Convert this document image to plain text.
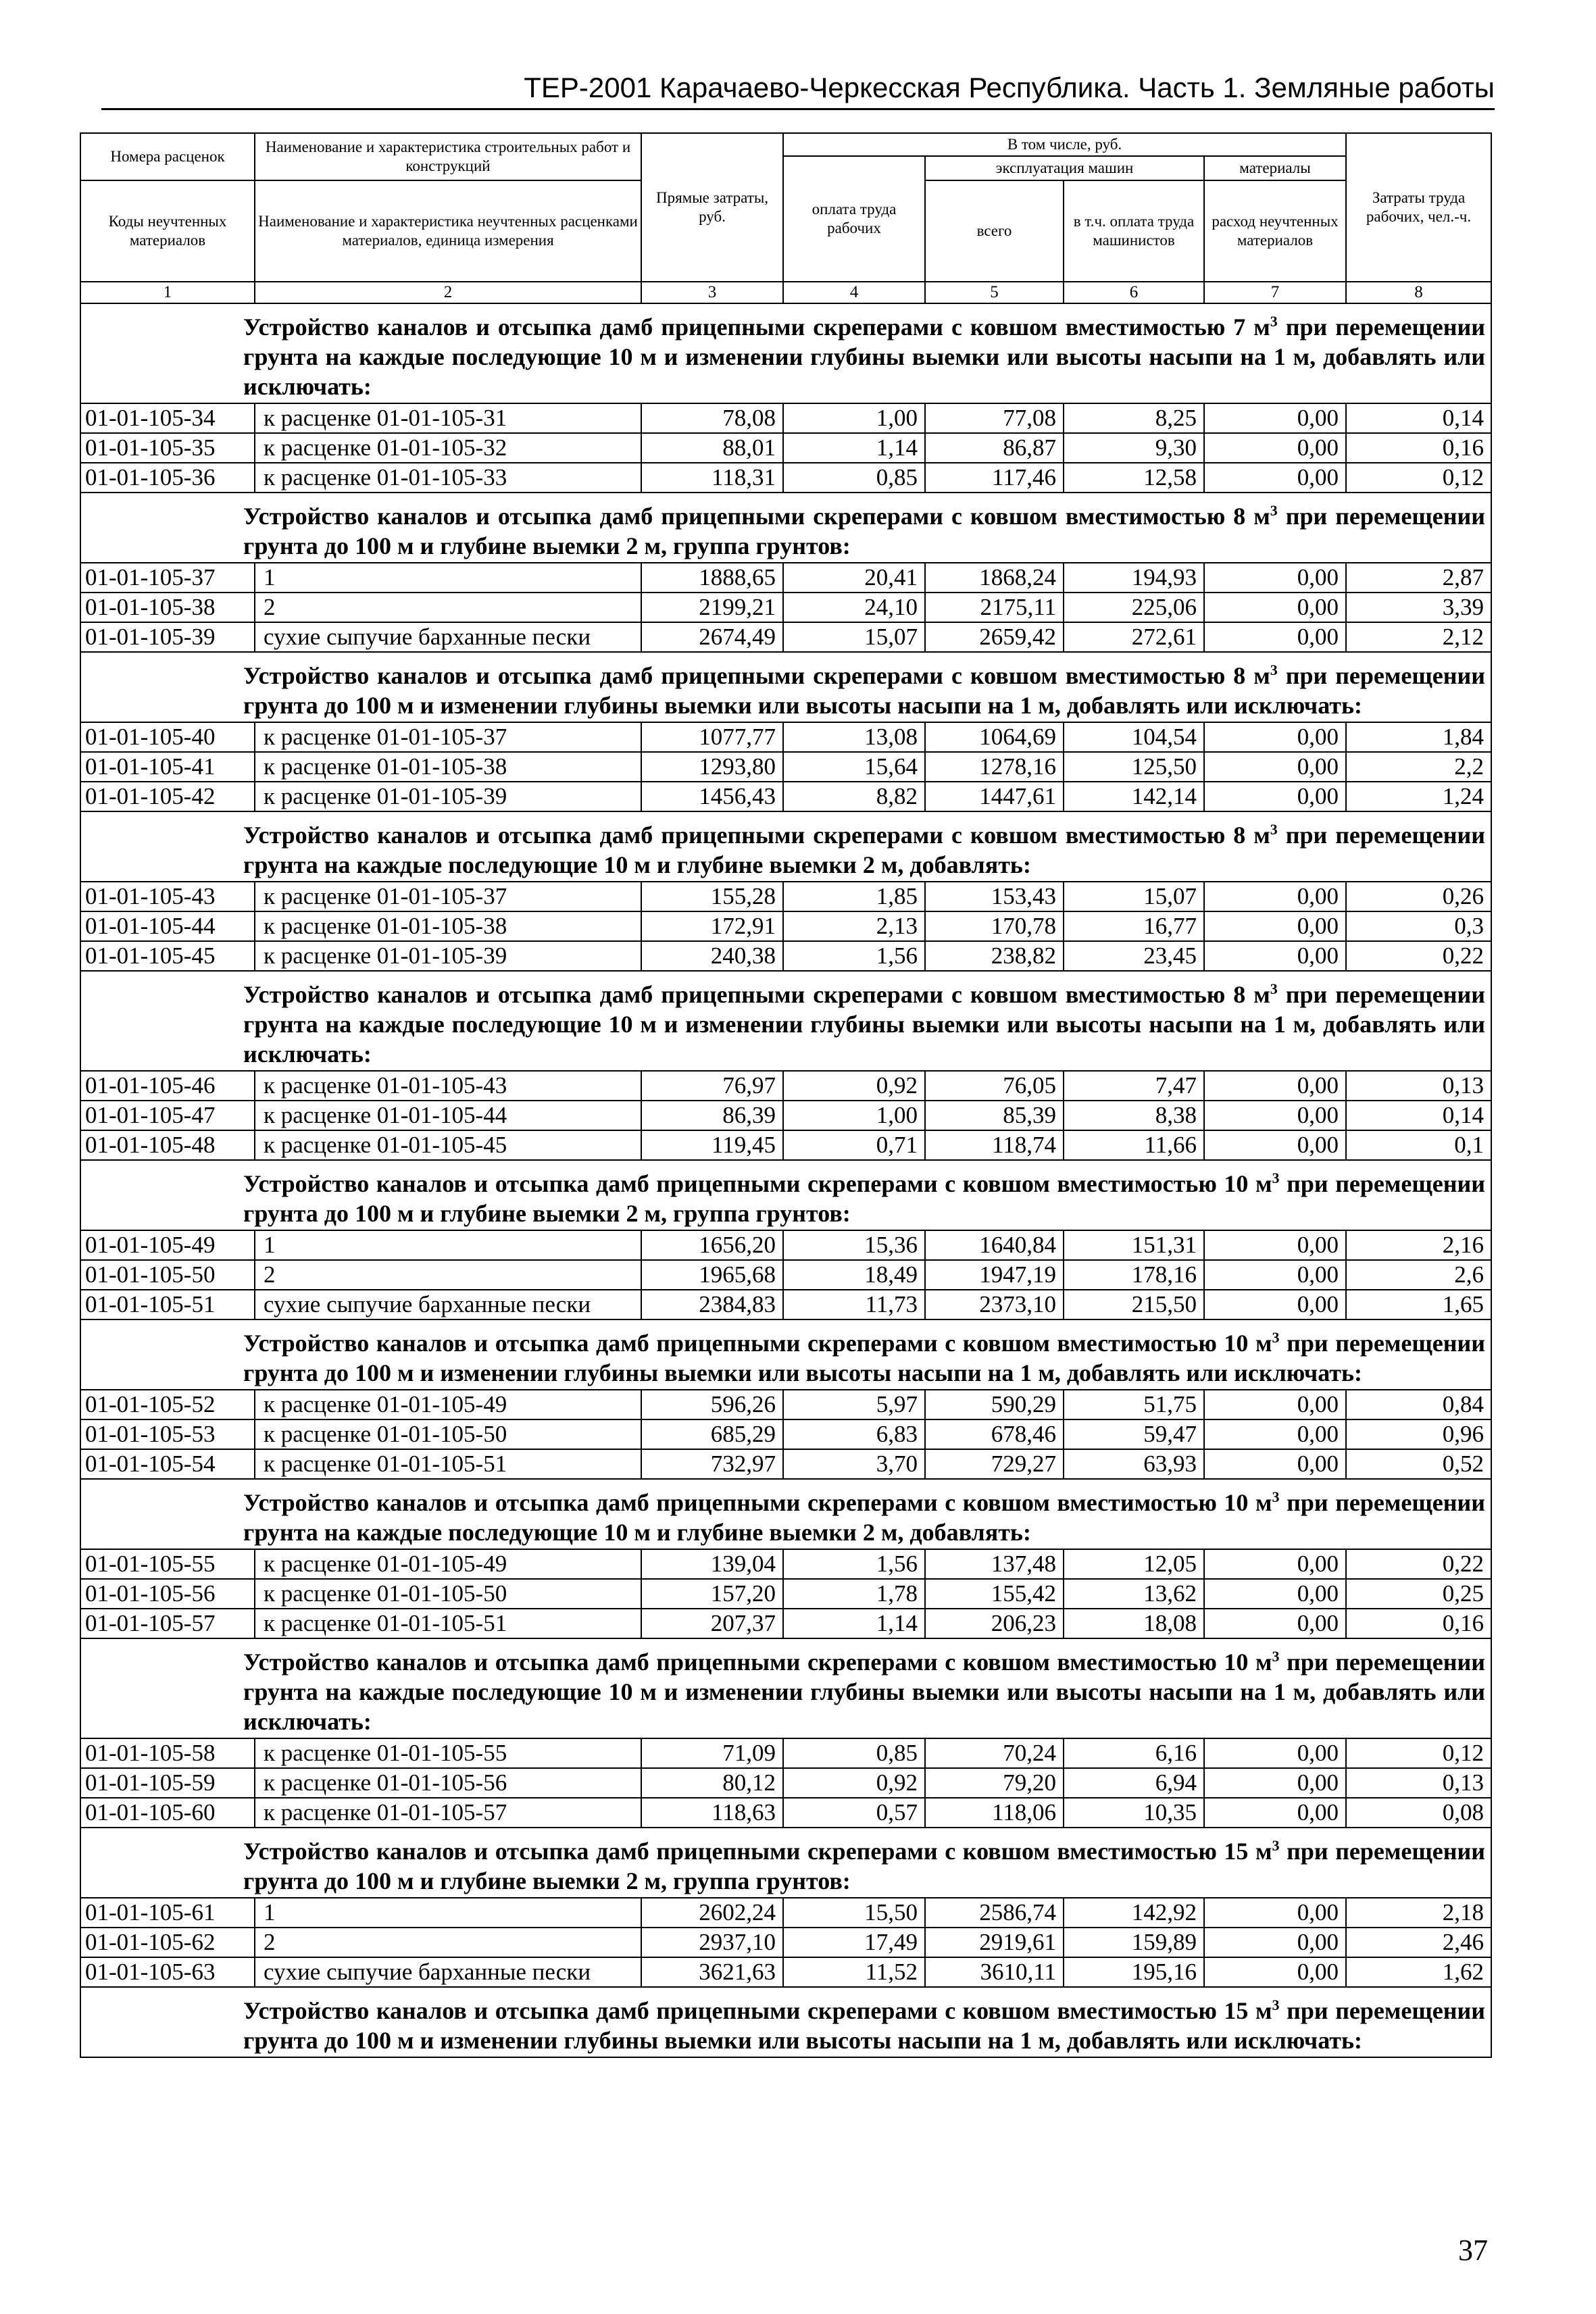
ТЕР-2001 Карачаево-Черкесская Республика. Часть 1. Земляные работы
Номера расценок	Наименование и характеристика строительных работ и конструкций	Прямые затраты, руб.	В том числе, руб.				Затраты труда рабочих, чел.-ч.
			оплата труда рабочих	эксплуатация машин		материалы	
Коды неучтенных материалов	Наименование и характеристика неучтенных расценками материалов, единица измерения			всего	в т.ч. оплата труда машинистов	расход неучтенных материалов	

1	2	3	4	5	6	7	8
Устройство каналов и отсыпка дамб прицепными скреперами с ковшом вместимостью 7 $м^3$ при перемещении грунта на каждые последующие 10 м и изменении глубины выемки или высоты насыпи на 1 м, добавлять или исключать:							
01-01-105-34	к расценке 01-01-105-31	78,08	1,00	77,08	8,25	0,00	0,14
01-01-105-35	к расценке 01-01-105-32	88,01	1,14	86,87	9,30	0,00	0,16
01-01-105-36	к расценке 01-01-105-33	118,31	0,85	117,46	12,58	0,00	0,12
Устройство каналов и отсыпка дамб прицепными скреперами с ковшом вместимостью 8 $м^3$ при перемещении грунта до 100 м и глубине выемки 2 м, группа грунтов:							
01-01-105-37	1	1888,65	20,41	1868,24	194,93	0,00	2,87
01-01-105-38	2	2199,21	24,10	2175,11	225,06	0,00	3,39
01-01-105-39	сухие сыпучие барханные пески	2674,49	15,07	2659,42	272,61	0,00	2,12
Устройство каналов и отсыпка дамб прицепными скреперами с ковшом вместимостью 8 $м^3$ при перемещении грунта до 100 м и изменении глубины выемки или высоты насыпи на 1 м, добавлять или исключать:							
01-01-105-40	к расценке 01-01-105-37	1077,77	13,08	1064,69	104,54	0,00	1,84
01-01-105-41	к расценке 01-01-105-38	1293,80	15,64	1278,16	125,50	0,00	2,2
01-01-105-42	к расценке 01-01-105-39	1456,43	8,82	1447,61	142,14	0,00	1,24
Устройство каналов и отсыпка дамб прицепными скреперами с ковшом вместимостью 8 $м^3$ при перемещении грунта на каждые последующие 10 м и глубине выемки 2 м, добавлять:							
01-01-105-43	к расценке 01-01-105-37	155,28	1,85	153,43	15,07	0,00	0,26
01-01-105-44	к расценке 01-01-105-38	172,91	2,13	170,78	16,77	0,00	0,3
01-01-105-45	к расценке 01-01-105-39	240,38	1,56	238,82	23,45	0,00	0,22
Устройство каналов и отсыпка дамб прицепными скреперами с ковшом вместимостью 8 $м^3$ при перемещении грунта на каждые последующие 10 м и изменении глубины выемки или высоты насыпи на 1 м, добавлять или исключать:							
01-01-105-46	к расценке 01-01-105-43	76,97	0,92	76,05	7,47	0,00	0,13
01-01-105-47	к расценке 01-01-105-44	86,39	1,00	85,39	8,38	0,00	0,14
01-01-105-48	к расценке 01-01-105-45	119,45	0,71	118,74	11,66	0,00	0,1
Устройство каналов и отсыпка дамб прицепными скреперами с ковшом вместимостью 10 $м^3$ при перемещении грунта до 100 м и глубине выемки 2 м, группа грунтов:							
01-01-105-49	1	1656,20	15,36	1640,84	151,31	0,00	2,16
01-01-105-50	2	1965,68	18,49	1947,19	178,16	0,00	2,6
01-01-105-51	сухие сыпучие барханные пески	2384,83	11,73	2373,10	215,50	0,00	1,65
Устройство каналов и отсыпка дамб прицепными скреперами с ковшом вместимостью 10 $м^3$ при перемещении грунта до 100 м и изменении глубины выемки или высоты насыпи на 1 м, добавлять или исключать:							
01-01-105-52	к расценке 01-01-105-49	596,26	5,97	590,29	51,75	0,00	0,84
01-01-105-53	к расценке 01-01-105-50	685,29	6,83	678,46	59,47	0,00	0,96
01-01-105-54	к расценке 01-01-105-51	732,97	3,70	729,27	63,93	0,00	0,52
Устройство каналов и отсыпка дамб прицепными скреперами с ковшом вместимостью 10 $м^3$ при перемещении грунта на каждые последующие 10 м и глубине выемки 2 м, добавлять:							
01-01-105-55	к расценке 01-01-105-49	139,04	1,56	137,48	12,05	0,00	0,22
01-01-105-56	к расценке 01-01-105-50	157,20	1,78	155,42	13,62	0,00	0,25
01-01-105-57	к расценке 01-01-105-51	207,37	1,14	206,23	18,08	0,00	0,16
Устройство каналов и отсыпка дамб прицепными скреперами с ковшом вместимостью 10 $м^3$ при перемещении грунта на каждые последующие 10 м и изменении глубины выемки или высоты насыпи на 1 м, добавлять или исключать:							
01-01-105-58	к расценке 01-01-105-55	71,09	0,85	70,24	6,16	0,00	0,12
01-01-105-59	к расценке 01-01-105-56	80,12	0,92	79,20	6,94	0,00	0,13
01-01-105-60	к расценке 01-01-105-57	118,63	0,57	118,06	10,35	0,00	0,08
Устройство каналов и отсыпка дамб прицепными скреперами с ковшом вместимостью 15 $м^3$ при перемещении грунта до 100 м и глубине выемки 2 м, группа грунтов:							
01-01-105-61	1	2602,24	15,50	2586,74	142,92	0,00	2,18
01-01-105-62	2	2937,10	17,49	2919,61	159,89	0,00	2,46
01-01-105-63	сухие сыпучие барханные пески	3621,63	11,52	3610,11	195,16	0,00	1,62
Устройство каналов и отсыпка дамб прицепными скреперами с ковшом вместимостью 15 $м^3$ при перемещении грунта до 100 м и изменении глубины выемки или высоты насыпи на 1 м, добавлять или исключать:							
37
